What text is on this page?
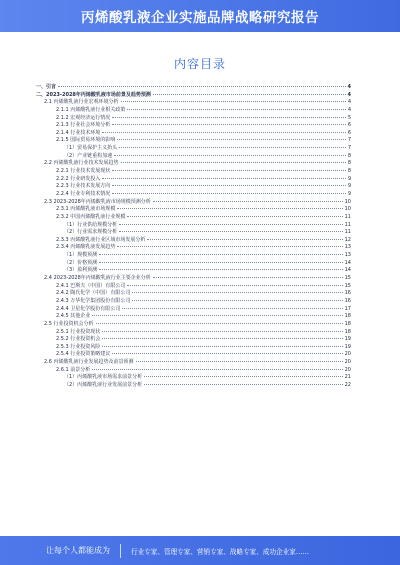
丙烯酸乳液企业实施品牌战略研究报告
内容目录
一、引言	4
二、2023-2028年丙烯酸乳液市场前景及趋势预测	4
2.1 丙烯酸乳液行业宏观环境分析	4
2.1.1 丙烯酸乳液行业相关政策	4
2.1.2 宏观经济运行情况	5
2.1.3 行业社会环境分析	6
2.1.4 行业技术环境	6
2.1.5 国际贸易环境的影响	7
（1）贸易保护主义抬头	7
（2）产业链重构加速	8
2.2 丙烯酸乳液行业技术发展趋势	8
2.2.1 行业技术发展现状	8
2.2.2 行业研发投入	9
2.2.3 行业技术发展方向	9
2.2.4 行业专利技术情况	9
2.3 2023-2028年丙烯酸乳液市场规模预测分析	10
2.3.1 丙烯酸乳液市场规模	10
2.3.2 中国丙烯酸乳液行业规模	11
（1）行业供给规模分析	11
（2）行业需求规模分析	11
2.3.3 丙烯酸乳液行业区域市场发展分析	12
2.3.4 丙烯酸乳液发展趋势	13
（1）规模预测	13
（2）价格预测	14
（3）盈利预测	14
2.4 2023-2028年丙烯酸乳液行业主要企业分析	15
2.4.1 巴斯夫（中国）有限公司	15
2.4.2 陶氏化学（中国）有限公司	16
2.4.3 万华化学集团股份有限公司	16
2.4.4 卫星化学股份有限公司	17
2.4.5 其他企业	18
2.5 行业投资机会分析	18
2.5.1 行业投资现状	18
2.5.2 行业投资机会	19
2.5.3 行业投资风险	19
2.5.4 行业投资策略建议	20
2.6 丙烯酸乳液行业发展趋势及前景预测	20
2.6.1 前景分析	20
（1）丙烯酸乳液市场需求前景分析	21
（2）丙烯酸乳液行业发展前景分析	22
让每个人都能成为	行业专家、管理专家、营销专家、战略专家、成功企业家……
